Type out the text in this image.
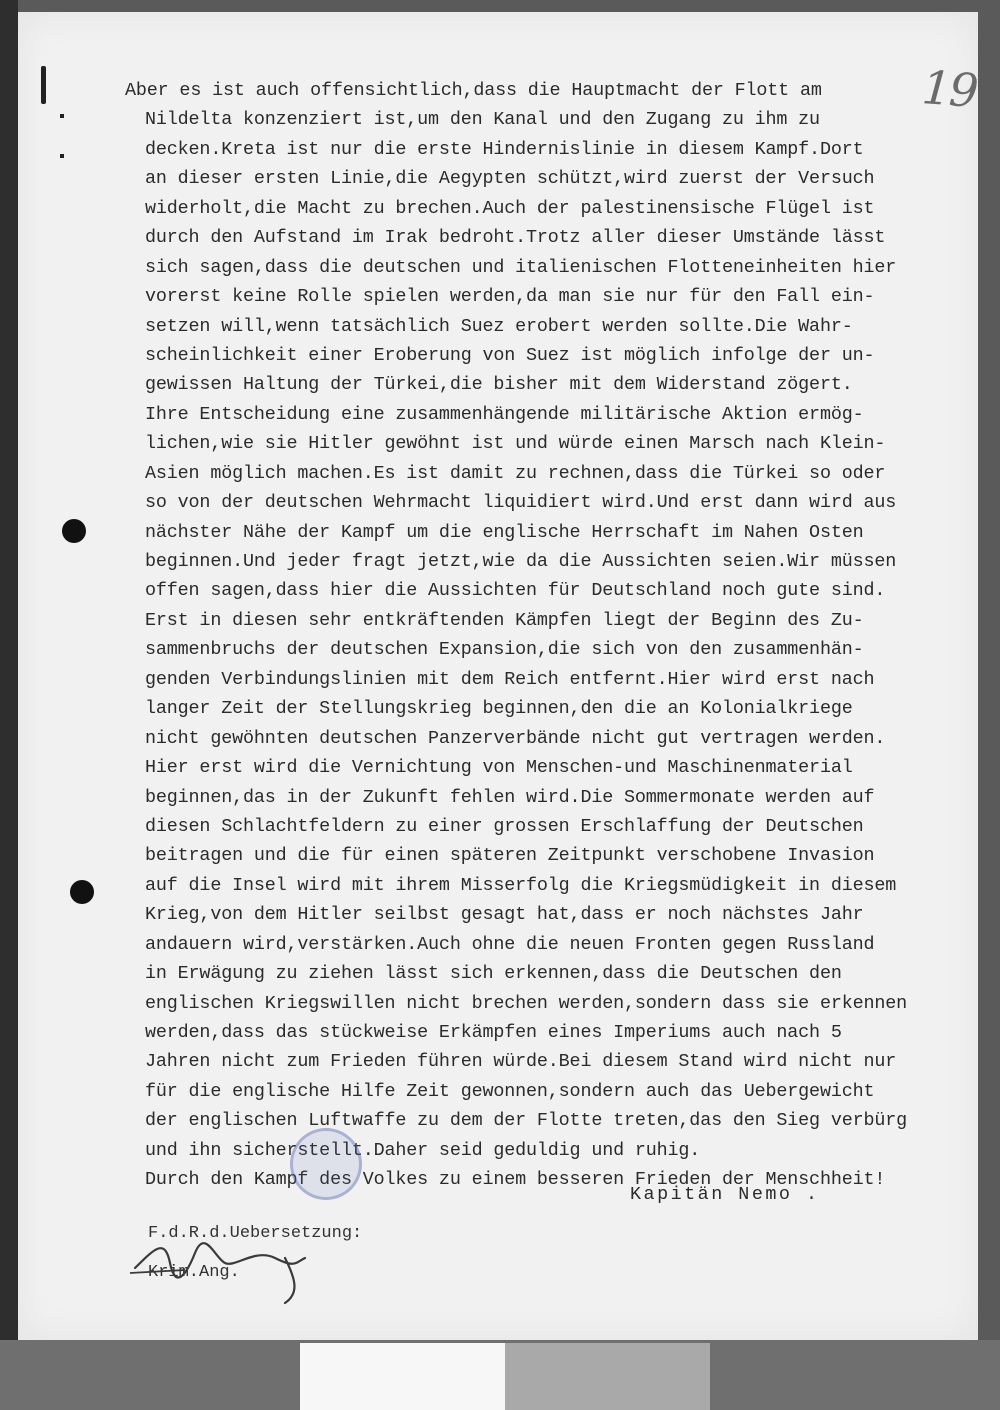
19
Aber es ist auch offensichtlich,dass die Hauptmacht der Flott am
Nildelta konzenziert ist,um den Kanal und den Zugang zu ihm zu
decken.Kreta ist nur die erste Hindernislinie in diesem Kampf.Dort
an dieser ersten Linie,die Aegypten schützt,wird zuerst der Versuch
widerholt,die Macht zu brechen.Auch der palestinensische Flügel ist
durch den Aufstand im Irak bedroht.Trotz aller dieser Umstände lässt
sich sagen,dass die deutschen und italienischen Flotteneinheiten hier
vorerst keine Rolle spielen werden,da man sie nur für den Fall ein-
setzen will,wenn tatsächlich Suez erobert werden sollte.Die Wahr-
scheinlichkeit einer Eroberung von Suez ist möglich infolge der un-
gewissen Haltung der Türkei,die bisher mit dem Widerstand zögert.
Ihre Entscheidung eine zusammenhängende militärische Aktion ermög-
lichen,wie sie Hitler gewöhnt ist und würde einen Marsch nach Klein-
Asien möglich machen.Es ist damit zu rechnen,dass die Türkei so oder
so von der deutschen Wehrmacht liquidiert wird.Und erst dann wird aus
nächster Nähe der Kampf um die englische Herrschaft im Nahen Osten
beginnen.Und jeder fragt jetzt,wie da die Aussichten seien.Wir müssen
offen sagen,dass hier die Aussichten für Deutschland noch gute sind.
Erst in diesen sehr entkräftenden Kämpfen liegt der Beginn des Zu-
sammenbruchs der deutschen Expansion,die sich von den zusammenhän-
genden Verbindungslinien mit dem Reich entfernt.Hier wird erst nach
langer Zeit der Stellungskrieg beginnen,den die an Kolonialkriege
nicht gewöhnten deutschen Panzerverbände nicht gut vertragen werden.
Hier erst wird die Vernichtung von Menschen-und Maschinenmaterial
beginnen,das in der Zukunft fehlen wird.Die Sommermonate werden auf
diesen Schlachtfeldern zu einer grossen Erschlaffung der Deutschen
beitragen und die für einen späteren Zeitpunkt verschobene Invasion
auf die Insel wird mit ihrem Misserfolg die Kriegsmüdigkeit in diesem
Krieg,von dem Hitler seilbst gesagt hat,dass er noch nächstes Jahr
andauern wird,verstärken.Auch ohne die neuen Fronten gegen Russland
in Erwägung zu ziehen lässt sich erkennen,dass die Deutschen den
englischen Kriegswillen nicht brechen werden,sondern dass sie erkennen
werden,dass das stückweise Erkämpfen eines Imperiums auch nach 5
Jahren nicht zum Frieden führen würde.Bei diesem Stand wird nicht nur
für die englische Hilfe Zeit gewonnen,sondern auch das Uebergewicht
der englischen Luftwaffe zu dem der Flotte treten,das den Sieg verbürg
und ihn sicherstellt.Daher seid geduldig und ruhig.
Durch den Kampf des Volkes zu einem besseren Frieden der Menschheit!
Kapitän Nemo .
F.d.R.d.Uebersetzung:
Krim.Ang.
